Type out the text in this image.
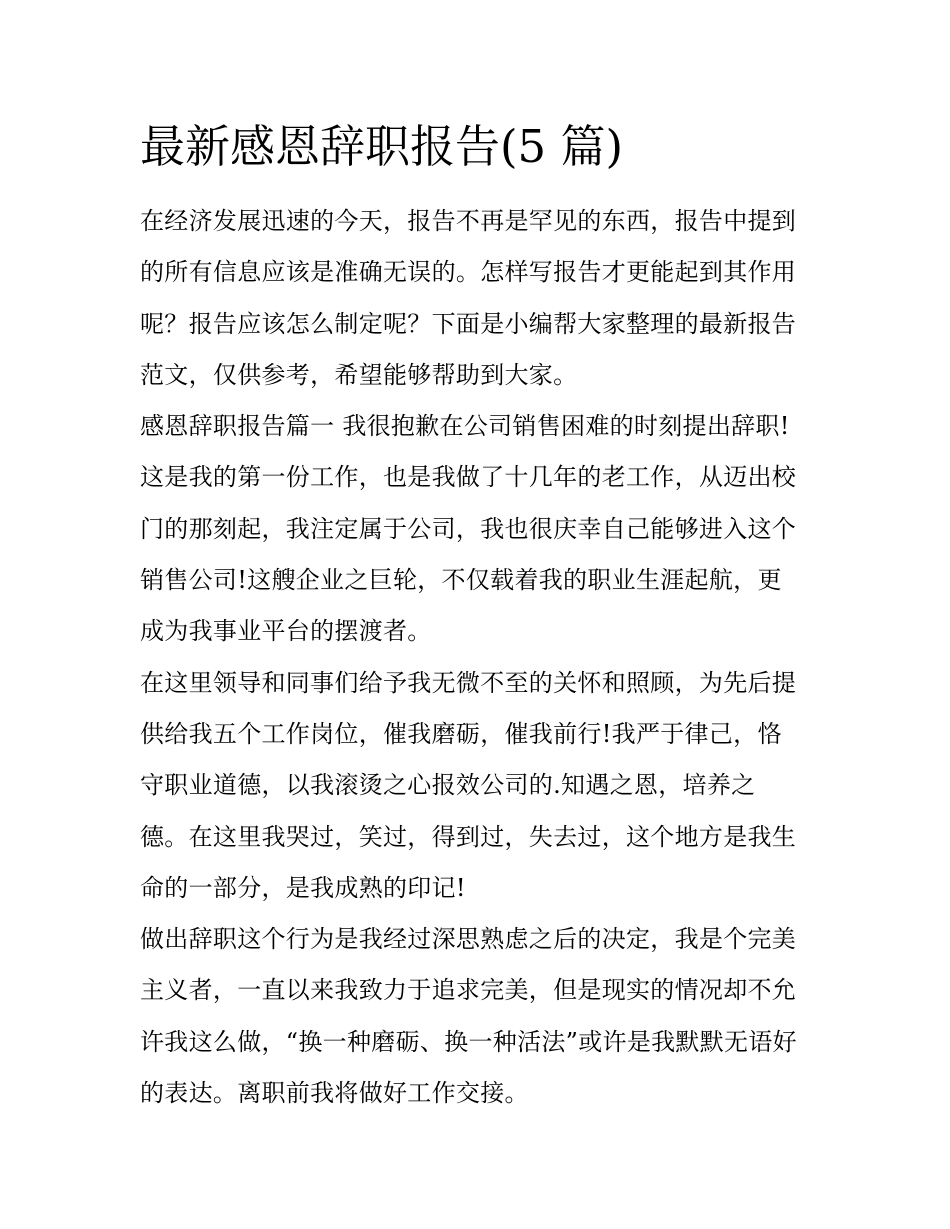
最新感恩辞职报告(5 篇)
在经济发展迅速的今天，报告不再是罕见的东西，报告中提到
的所有信息应该是准确无误的。怎样写报告才更能起到其作用
呢？报告应该怎么制定呢？下面是小编帮大家整理的最新报告
范文，仅供参考，希望能够帮助到大家。
感恩辞职报告篇一 我很抱歉在公司销售困难的时刻提出辞职!
这是我的第一份工作，也是我做了十几年的老工作，从迈出校
门的那刻起，我注定属于公司，我也很庆幸自己能够进入这个
销售公司!这艘企业之巨轮，不仅载着我的职业生涯起航，更
成为我事业平台的摆渡者。
在这里领导和同事们给予我无微不至的关怀和照顾，为先后提
供给我五个工作岗位，催我磨砺，催我前行!我严于律己，恪
守职业道德，以我滚烫之心报效公司的.知遇之恩，培养之
德。在这里我哭过，笑过，得到过，失去过，这个地方是我生
命的一部分，是我成熟的印记!
做出辞职这个行为是我经过深思熟虑之后的决定，我是个完美
主义者，一直以来我致力于追求完美，但是现实的情况却不允
许我这么做，“换一种磨砺、换一种活法”或许是我默默无语好
的表达。离职前我将做好工作交接。
